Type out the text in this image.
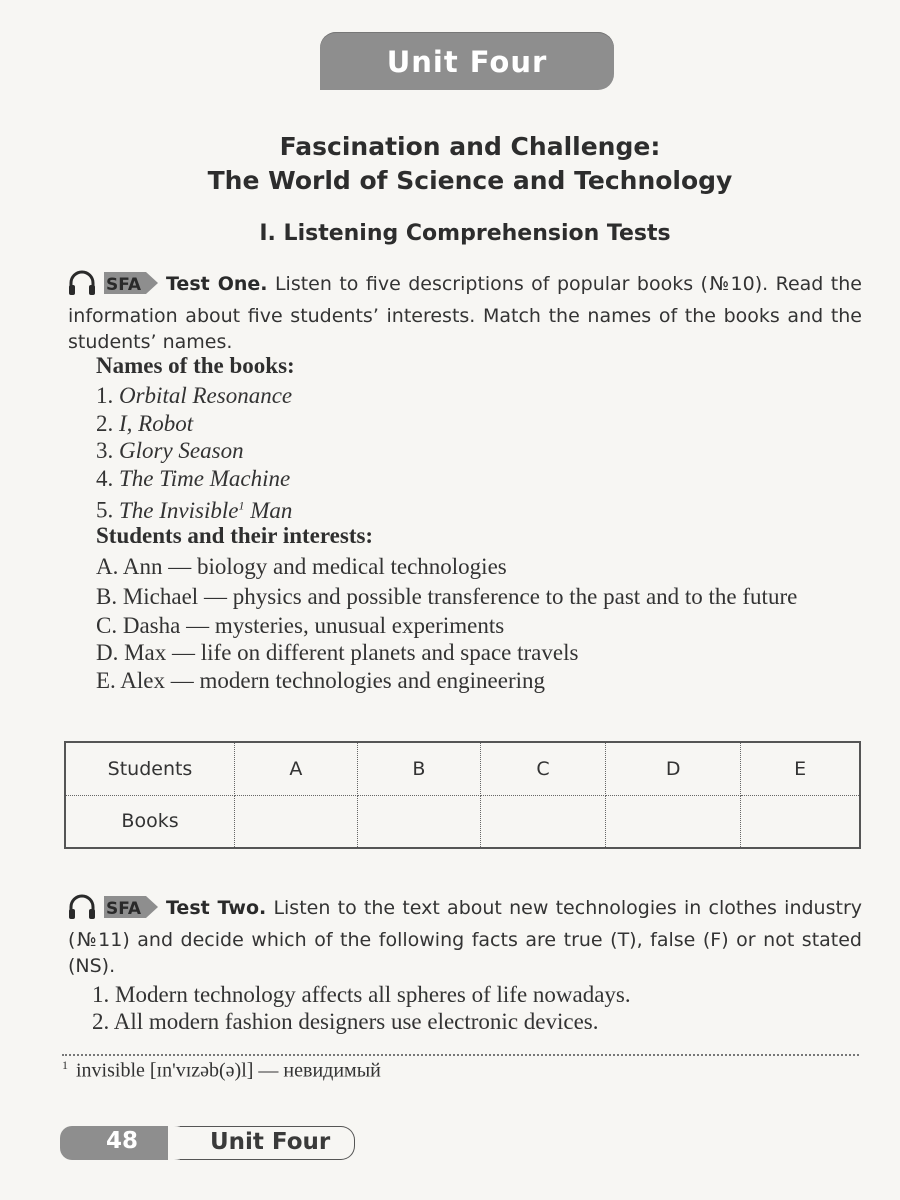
Unit Four
Fascination and Challenge:
The World of Science and Technology
I. Listening Comprehension Tests
SFA Test One. Listen to five descriptions of popular books (№10). Read the information about five students’ interests. Match the names of the books and the students’ names.
Names of the books:
1. Orbital Resonance
2. I, Robot
3. Glory Season
4. The Time Machine
5. The Invisible$^1$ Man
Students and their interests:
A. Ann — biology and medical technologies
B. Michael — physics and possible transference to the past and to the future
C. Dasha — mysteries, unusual experiments
D. Max — life on different planets and space travels
E. Alex — modern technologies and engineering
Students	A	B	C	D	E
Books					
SFA Test Two. Listen to the text about new technologies in clothes industry (№11) and decide which of the following facts are true (T), false (F) or not stated (NS).
1. Modern technology affects all spheres of life nowadays.
2. All modern fashion designers use electronic devices.
$^1$ invisible [ɪn'vɪzəb(ə)l] — невидимый
48	Unit Four
